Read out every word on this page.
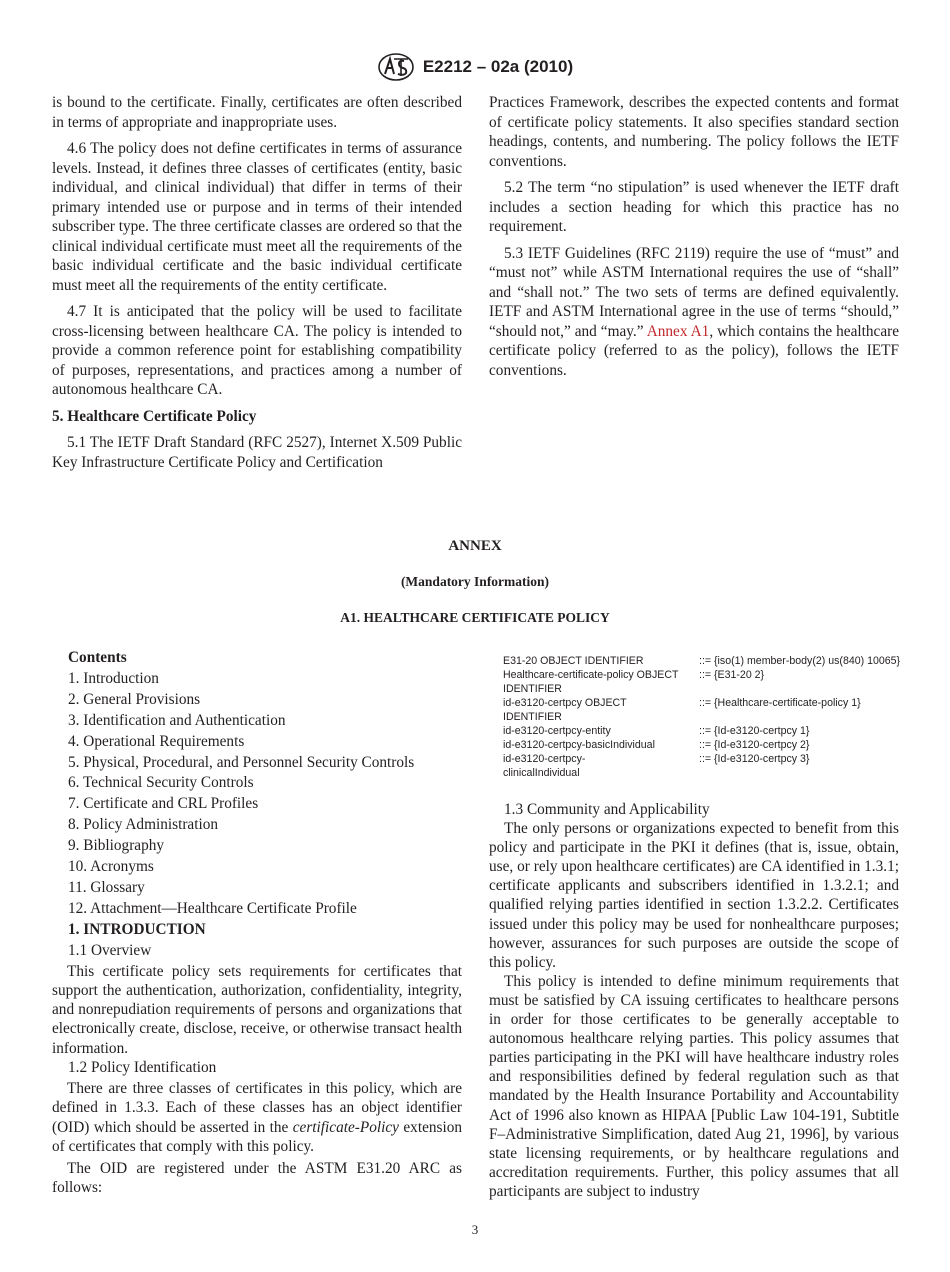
E2212 – 02a (2010)

is bound to the certificate. Finally, certificates are often described in terms of appropriate and inappropriate uses.

4.6 The policy does not define certificates in terms of assurance levels. Instead, it defines three classes of certificates (entity, basic individual, and clinical individual) that differ in terms of their primary intended use or purpose and in terms of their intended subscriber type. The three certificate classes are ordered so that the clinical individual certificate must meet all the requirements of the basic individual certificate and the basic individual certificate must meet all the requirements of the entity certificate.

4.7 It is anticipated that the policy will be used to facilitate cross-licensing between healthcare CA. The policy is intended to provide a common reference point for establishing compatibility of purposes, representations, and practices among a number of autonomous healthcare CA.

5. Healthcare Certificate Policy

5.1 The IETF Draft Standard (RFC 2527), Internet X.509 Public Key Infrastructure Certificate Policy and Certification

Practices Framework, describes the expected contents and format of certificate policy statements. It also specifies standard section headings, contents, and numbering. The policy follows the IETF conventions.

5.2 The term “no stipulation” is used whenever the IETF draft includes a section heading for which this practice has no requirement.

5.3 IETF Guidelines (RFC 2119) require the use of “must” and “must not” while ASTM International requires the use of “shall” and “shall not.” The two sets of terms are defined equivalently. IETF and ASTM International agree in the use of terms “should,” “should not,” and “may.” Annex A1, which contains the healthcare certificate policy (referred to as the policy), follows the IETF conventions.

ANNEX
(Mandatory Information)
A1. HEALTHCARE CERTIFICATE POLICY

Contents

1. Introduction

2. General Provisions

3. Identification and Authentication

4. Operational Requirements

5. Physical, Procedural, and Personnel Security Controls

6. Technical Security Controls

7. Certificate and CRL Profiles

8. Policy Administration

9. Bibliography

10. Acronyms

11. Glossary

12. Attachment—Healthcare Certificate Profile

1. INTRODUCTION

1.1 Overview

This certificate policy sets requirements for certificates that support the authentication, authorization, confidentiality, integrity, and nonrepudiation requirements of persons and organizations that electronically create, disclose, receive, or otherwise transact health information.

1.2 Policy Identification

There are three classes of certificates in this policy, which are defined in 1.3.3. Each of these classes has an object identifier (OID) which should be asserted in the certificate-Policy extension of certificates that comply with this policy.

The OID are registered under the ASTM E31.20 ARC as follows:

E31-20 OBJECT IDENTIFIER	::= {iso(1) member-body(2) us(840) 10065}
Healthcare-certificate-policy OBJECT IDENTIFIER
::= {E31-20 2}
id-e3120-certpcy OBJECT IDENTIFIER
::= {Healthcare-certificate-policy 1}
id-e3120-certpcy-entity	::= {Id-e3120-certpcy 1}
id-e3120-certpcy-basicIndividual	::= {Id-e3120-certpcy 2}
id-e3120-certpcy-clinicalIndividual
::= {Id-e3120-certpcy 3}

1.3 Community and Applicability

The only persons or organizations expected to benefit from this policy and participate in the PKI it defines (that is, issue, obtain, use, or rely upon healthcare certificates) are CA identified in 1.3.1; certificate applicants and subscribers identified in 1.3.2.1; and qualified relying parties identified in section 1.3.2.2. Certificates issued under this policy may be used for nonhealthcare purposes; however, assurances for such purposes are outside the scope of this policy.

This policy is intended to define minimum requirements that must be satisfied by CA issuing certificates to healthcare persons in order for those certificates to be generally acceptable to autonomous healthcare relying parties. This policy assumes that parties participating in the PKI will have healthcare industry roles and responsibilities defined by federal regulation such as that mandated by the Health Insurance Portability and Accountability Act of 1996 also known as HIPAA [Public Law 104-191, Subtitle F–Administrative Simplification, dated Aug 21, 1996], by various state licensing requirements, or by healthcare regulations and accreditation requirements. Further, this policy assumes that all participants are subject to industry

3
